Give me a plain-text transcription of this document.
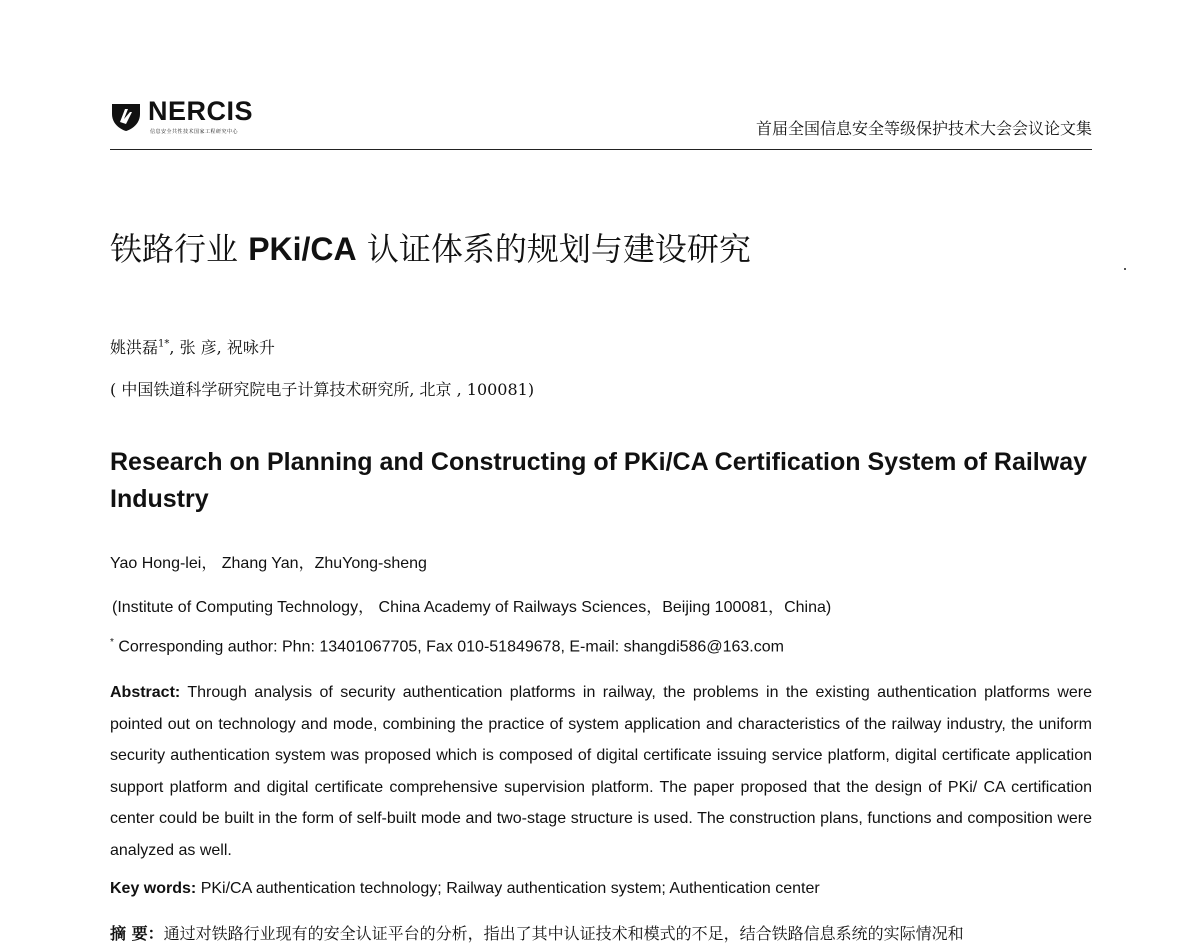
NERCIS
信息安全共性技术国家工程研究中心	首届全国信息安全等级保护技术大会会议论文集
铁路行业 PKi/CA 认证体系的规划与建设研究
姚洪磊$^{1*}$, 张 彦, 祝咏升
( 中国铁道科学研究院电子计算技术研究所, 北京 , 100081)
Research on Planning and Constructing of PKi/CA Certification System of Railway Industry
Yao Hong-lei， Zhang Yan，ZhuYong-sheng
(Institute of Computing Technology， China Academy of Railways Sciences，Beijing 100081，China)
* Corresponding author: Phn: 13401067705, Fax 010-51849678, E-mail: shangdi586@163.com
Abstract: Through analysis of security authentication platforms in railway, the problems in the existing authentication platforms were pointed out on technology and mode, combining the practice of system application and characteristics of the railway industry, the uniform security authentication system was proposed which is composed of digital certificate issuing service platform, digital certificate application support platform and digital certificate comprehensive supervision platform. The paper proposed that the design of PKi/ CA certification center could be built in the form of self-built mode and two-stage structure is used. The construction plans, functions and composition were analyzed as well.
Key words: PKi/CA authentication technology; Railway authentication system; Authentication center
摘 要：通过对铁路行业现有的安全认证平台的分析，指出了其中认证技术和模式的不足，结合铁路信息系统的实际情况和
